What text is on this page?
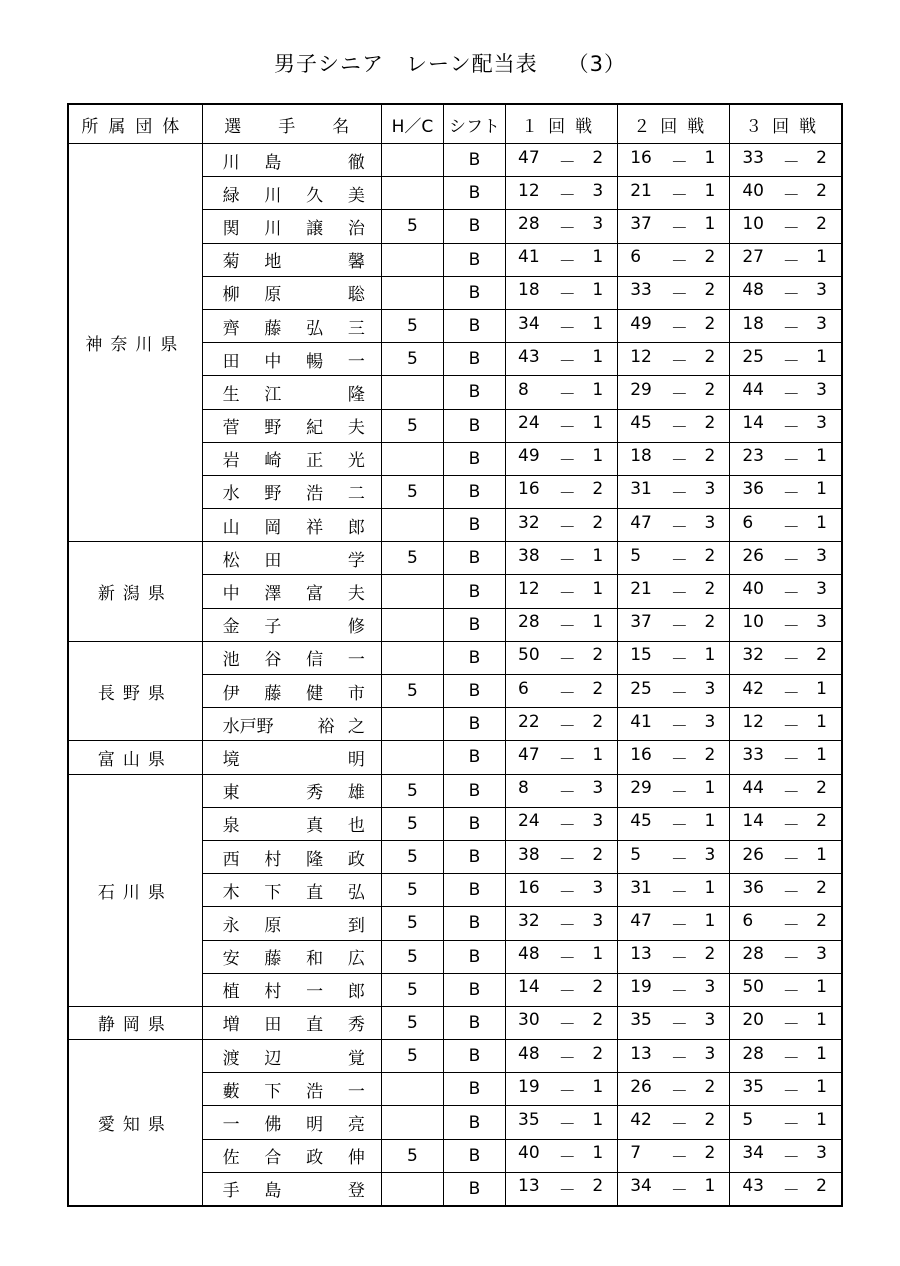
男子シニア　レーン配当表 （3）
所属団体	選　手　名	H／C	シフト	１回戦	２回戦	３回戦
神奈川県	川 島 徹		B	47 － 2	16 － 1	33 － 2

	緑 川 久 美		B	12 － 3	21 － 1	40 － 2

	関 川 譲 治	5	B	28 － 3	37 － 1	10 － 2

	菊 地 馨		B	41 － 1	6 － 2	27 － 1

	柳 原 聡		B	18 － 1	33 － 2	48 － 3

	齊 藤 弘 三	5	B	34 － 1	49 － 2	18 － 3

	田 中 暢 一	5	B	43 － 1	12 － 2	25 － 1

	生 江 隆		B	8 － 1	29 － 2	44 － 3

	菅 野 紀 夫	5	B	24 － 1	45 － 2	14 － 3

	岩 崎 正 光		B	49 － 1	18 － 2	23 － 1

	水 野 浩 二	5	B	16 － 2	31 － 3	36 － 1

	山 岡 祥 郎		B	32 － 2	47 － 3	6 － 1

新潟県	松 田 学	5	B	38 － 1	5 － 2	26 － 3

	中 澤 富 夫		B	12 － 1	21 － 2	40 － 3

	金 子 修		B	28 － 1	37 － 2	10 － 3

長野県	池 谷 信 一		B	50 － 2	15 － 1	32 － 2

	伊 藤 健 市	5	B	6 － 2	25 － 3	42 － 1

	水戸野 裕 之		B	22 － 2	41 － 3	12 － 1

富山県	境 明		B	47 － 1	16 － 2	33 － 1

石川県	東 秀 雄	5	B	8 － 3	29 － 1	44 － 2

	泉 真 也	5	B	24 － 3	45 － 1	14 － 2

	西 村 隆 政	5	B	38 － 2	5 － 3	26 － 1

	木 下 直 弘	5	B	16 － 3	31 － 1	36 － 2

	永 原 到	5	B	32 － 3	47 － 1	6 － 2

	安 藤 和 広	5	B	48 － 1	13 － 2	28 － 3

	植 村 一 郎	5	B	14 － 2	19 － 3	50 － 1

静岡県	増 田 直 秀	5	B	30 － 2	35 － 3	20 － 1

愛知県	渡 辺 覚	5	B	48 － 2	13 － 3	28 － 1

	藪 下 浩 一		B	19 － 1	26 － 2	35 － 1

	一 佛 明 亮		B	35 － 1	42 － 2	5 － 1

	佐 合 政 伸	5	B	40 － 1	7 － 2	34 － 3

	手 島 登		B	13 － 2	34 － 1	43 － 2
